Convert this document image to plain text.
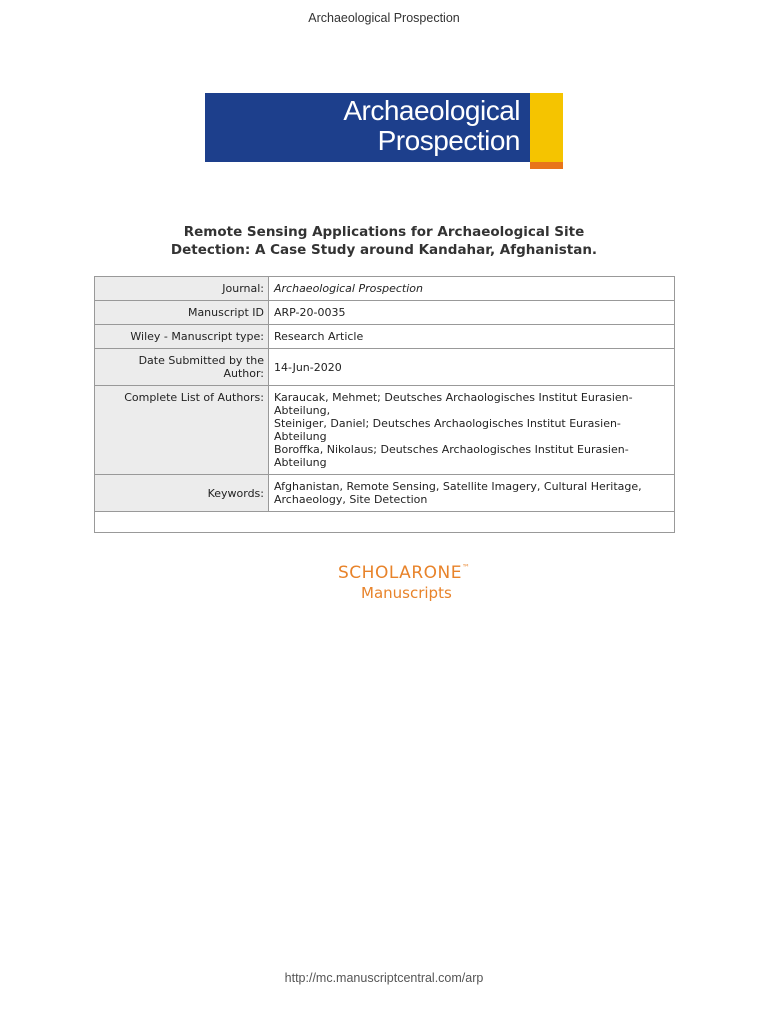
Archaeological Prospection
Archaeological
Prospection
Remote Sensing Applications for Archaeological Site
Detection: A Case Study around Kandahar, Afghanistan.
Journal:	Archaeological Prospection
Manuscript ID	ARP-20-0035
Wiley - Manuscript type:	Research Article

Date Submitted by the
Author:	14-Jun-2020
Complete List of Authors:	Karaucak, Mehmet; Deutsches Archaologisches Institut Eurasien-
Abteilung,
Steiniger, Daniel; Deutsches Archaologisches Institut Eurasien-Abteilung
Boroffka, Nikolaus; Deutsches Archaologisches Institut Eurasien-
Abteilung

Keywords:	Afghanistan, Remote Sensing, Satellite Imagery, Cultural Heritage,
Archaeology, Site Detection

SCHOLARONE™
Manuscripts
http://mc.manuscriptcentral.com/arp
